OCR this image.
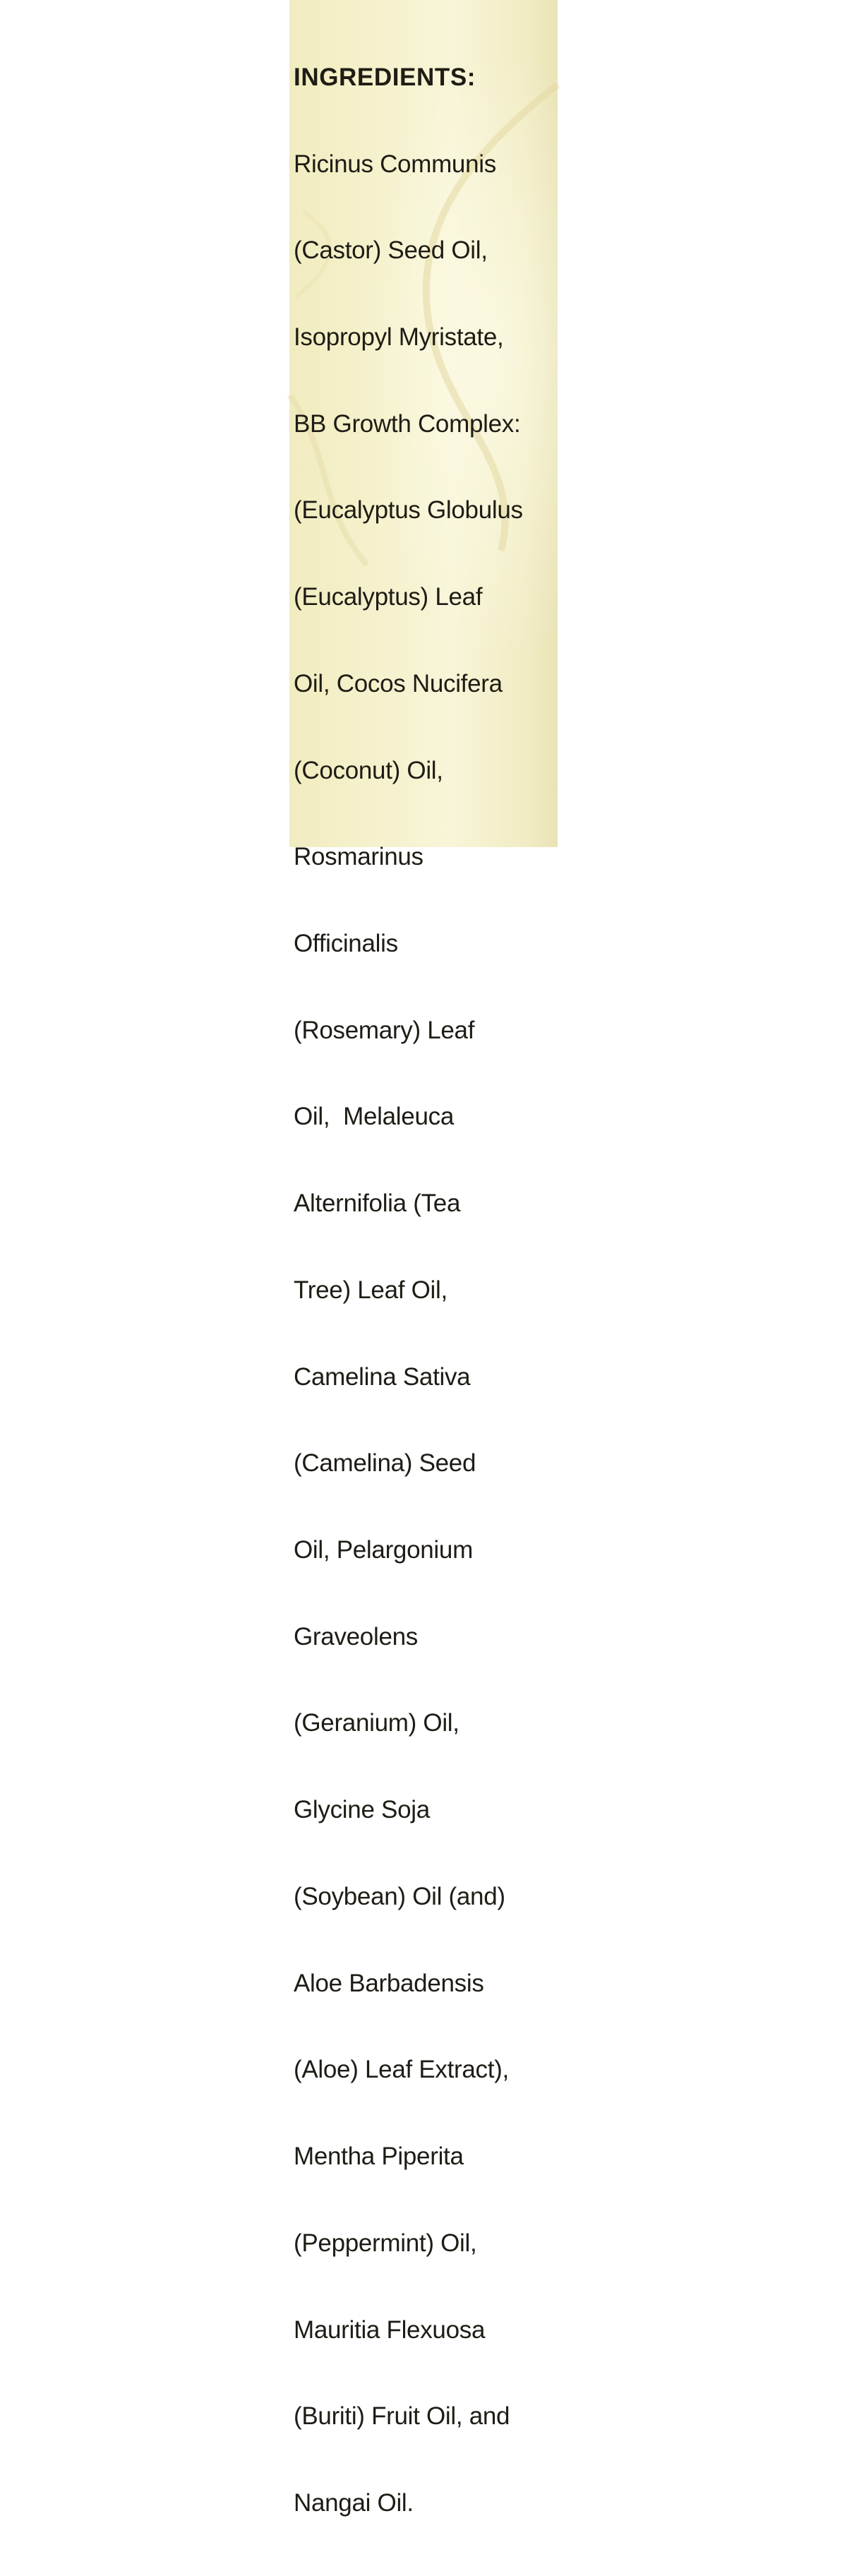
INGREDIENTS:

Ricinus Communis

(Castor) Seed Oil,

Isopropyl Myristate,

BB Growth Complex:

(Eucalyptus Globulus

(Eucalyptus) Leaf

Oil, Cocos Nucifera

(Coconut) Oil,

Rosmarinus

Officinalis

(Rosemary) Leaf

Oil,  Melaleuca

Alternifolia (Tea

Tree) Leaf Oil,

Camelina Sativa

(Camelina) Seed

Oil, Pelargonium

Graveolens

(Geranium) Oil,

Glycine Soja

(Soybean) Oil (and)

Aloe Barbadensis

(Aloe) Leaf Extract),

Mentha Piperita

(Peppermint) Oil,

Mauritia Flexuosa

(Buriti) Fruit Oil, and

Nangai Oil.
